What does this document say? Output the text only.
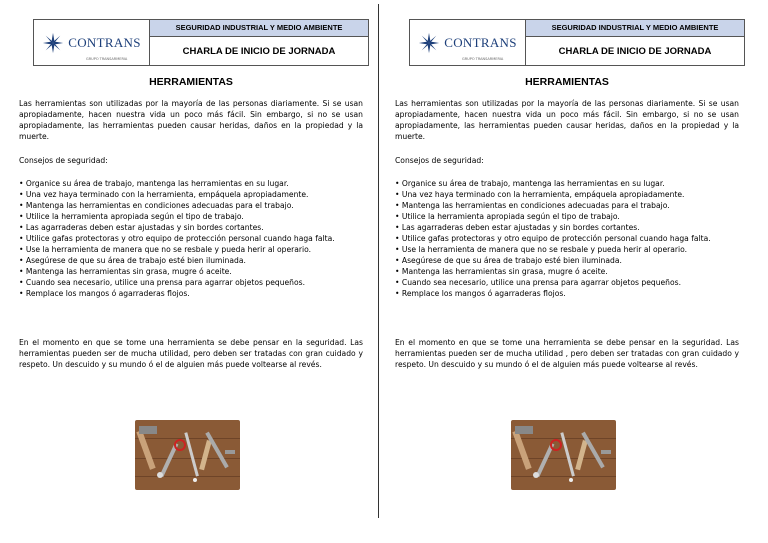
CONTRANS
GRUPO TRANSARMERIA
SEGURIDAD INDUSTRIAL Y MEDIO AMBIENTE
CHARLA DE INICIO DE JORNADA
HERRAMIENTAS
Las herramientas son utilizadas por la mayoría de las personas diariamente. Si se usan apropiadamente, hacen nuestra vida un poco más fácil. Sin embargo, si no se usan apropiadamente, las herramientas pueden causar heridas, daños en la propiedad y la muerte.
Consejos de seguridad:
• Organice su área de trabajo, mantenga las herramientas en su lugar.
• Una vez haya terminado con la herramienta, empáquela apropiadamente.
• Mantenga las herramientas en condiciones adecuadas para el trabajo.
• Utilice la herramienta apropiada según el tipo de trabajo.
• Las agarraderas deben estar ajustadas y sin bordes cortantes.
• Utilice gafas protectoras y otro equipo de protección personal cuando haga falta.
• Use la herramienta de manera que no se resbale y pueda herir al operario.
• Asegúrese de que su área de trabajo esté bien iluminada.
• Mantenga las herramientas sin grasa, mugre ó aceite.
• Cuando sea necesario, utilice una prensa para agarrar objetos pequeños.
• Remplace los mangos ó agarraderas flojos.
En el momento en que se tome una herramienta se debe pensar en la seguridad. Las herramientas pueden ser de mucha utilidad, pero deben ser tratadas con gran cuidado y respeto. Un descuido y su mundo ó el de alguien más puede voltearse al revés.
CONTRANS
GRUPO TRANSARMERIA
SEGURIDAD INDUSTRIAL Y MEDIO AMBIENTE
CHARLA DE INICIO DE JORNADA
HERRAMIENTAS
Las herramientas son utilizadas por la mayoría de las personas diariamente. Si se usan apropiadamente, hacen nuestra vida un poco más fácil. Sin embargo, si no se usan apropiadamente, las herramientas pueden causar heridas, daños en la propiedad y la muerte.
Consejos de seguridad:
• Organice su área de trabajo, mantenga las herramientas en su lugar.
• Una vez haya terminado con la herramienta, empáquela apropiadamente.
• Mantenga las herramientas en condiciones adecuadas para el trabajo.
• Utilice la herramienta apropiada según el tipo de trabajo.
• Las agarraderas deben estar ajustadas y sin bordes cortantes.
• Utilice gafas protectoras y otro equipo de protección personal cuando haga falta.
• Use la herramienta de manera que no se resbale y pueda herir al operario.
• Asegúrese de que su área de trabajo esté bien iluminada.
• Mantenga las herramientas sin grasa, mugre ó aceite.
• Cuando sea necesario, utilice una prensa para agarrar objetos pequeños.
• Remplace los mangos ó agarraderas flojos.
En el momento en que se tome una herramienta se debe pensar en la seguridad. Las herramientas pueden ser de mucha utilidad , pero deben ser tratadas con gran cuidado y respeto. Un descuido y su mundo ó el de alguien más puede voltearse al revés.
